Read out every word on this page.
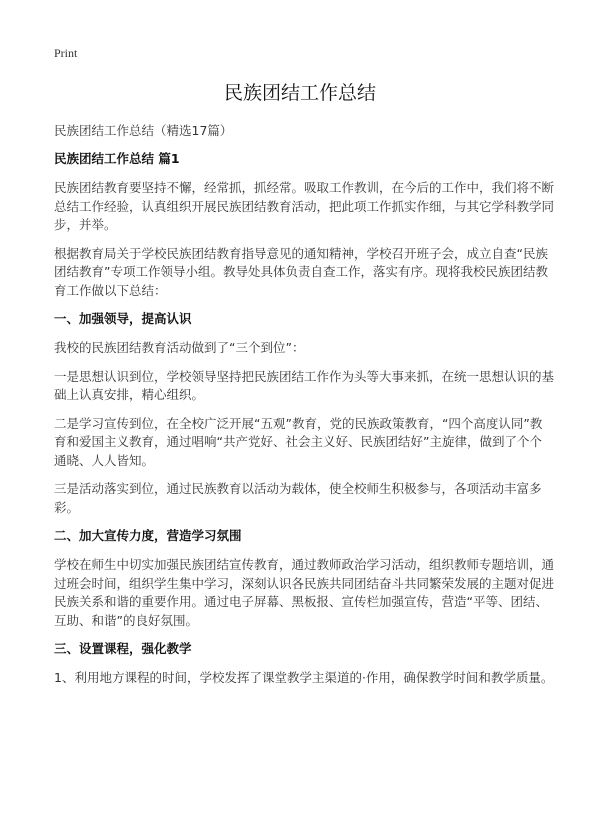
Print
民族团结工作总结
民族团结工作总结（精选17篇）
民族团结工作总结 篇1

民族团结教育要坚持不懈，经常抓，抓经常。吸取工作教训，在今后的工作中，我们将不断总结工作经验，认真组织开展民族团结教育活动，把此项工作抓实作细，与其它学科教学同步，并举。

根据教育局关于学校民族团结教育指导意见的通知精神，学校召开班子会，成立自查“民族团结教育”专项工作领导小组。教导处具体负责自查工作，落实有序。现将我校民族团结教育工作做以下总结：

一、加强领导，提高认识

我校的民族团结教育活动做到了“三个到位”：

一是思想认识到位，学校领导坚持把民族团结工作作为头等大事来抓，在统一思想认识的基础上认真安排，精心组织。

二是学习宣传到位，在全校广泛开展“五观”教育，党的民族政策教育，“四个高度认同”教育和爱国主义教育，通过唱响“共产党好、社会主义好、民族团结好”主旋律，做到了个个通晓、人人皆知。

三是活动落实到位，通过民族教育以活动为载体，使全校师生积极参与，各项活动丰富多彩。

二、加大宣传力度，营造学习氛围

学校在师生中切实加强民族团结宣传教育，通过教师政治学习活动，组织教师专题培训，通过班会时间，组织学生集中学习，深刻认识各民族共同团结奋斗共同繁荣发展的主题对促进民族关系和谐的重要作用。通过电子屏幕、黑板报、宣传栏加强宣传，营造“平等、团结、互助、和谐”的良好氛围。

三、设置课程，强化教学

1、利用地方课程的时间，学校发挥了课堂教学主渠道的·作用，确保教学时间和教学质量。
